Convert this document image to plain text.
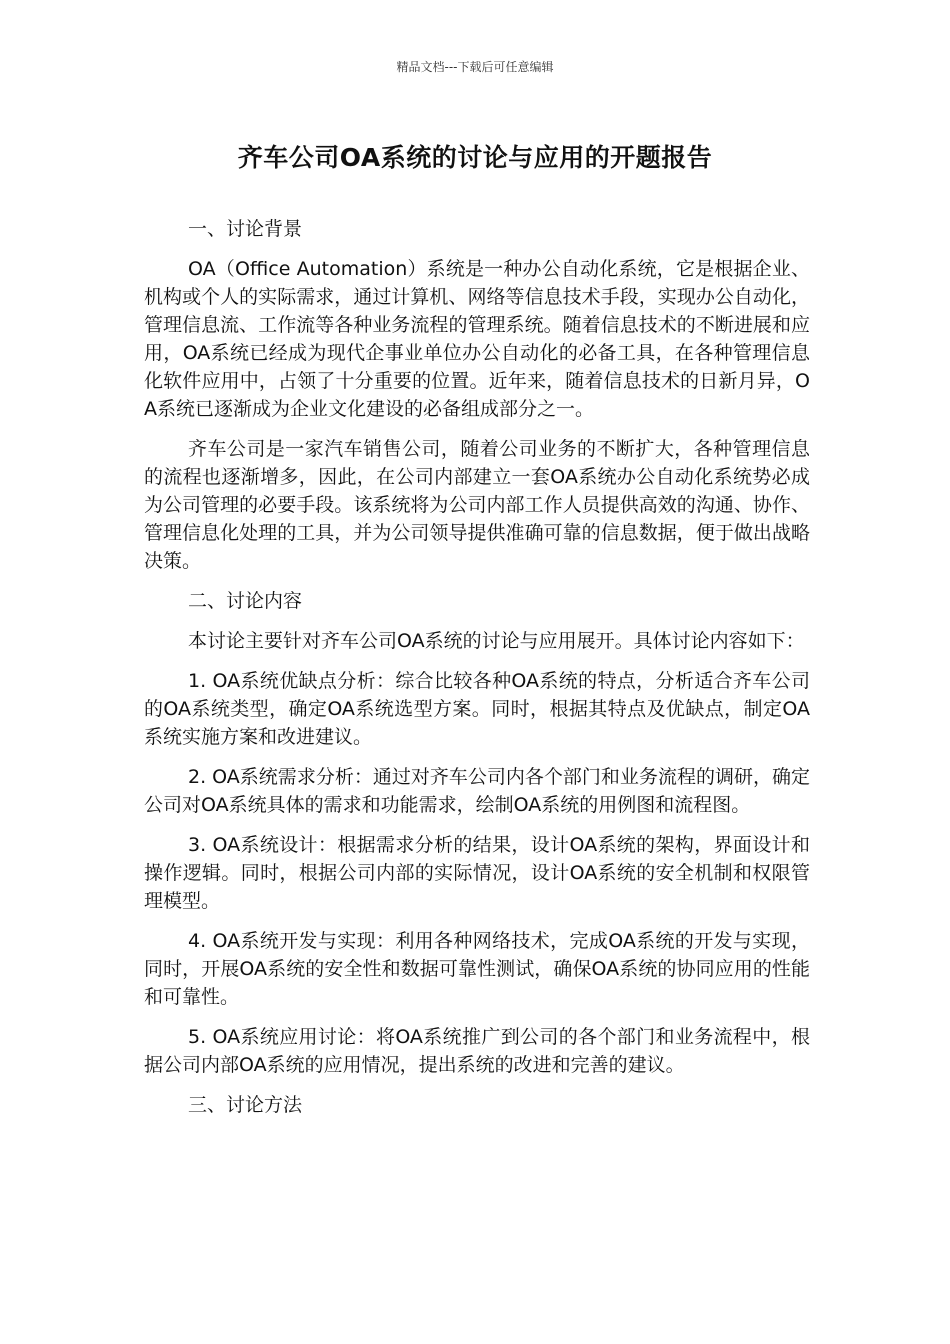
精品文档---下载后可任意编辑
齐车公司OA系统的讨论与应用的开题报告

一、讨论背景

OA（Office Automation）系统是一种办公自动化系统，它是根据企业、机构或个人的实际需求，通过计算机、网络等信息技术手段，实现办公自动化，管理信息流、工作流等各种业务流程的管理系统。随着信息技术的不断进展和应用，OA系统已经成为现代企事业单位办公自动化的必备工具，在各种管理信息化软件应用中，占领了十分重要的位置。近年来，随着信息技术的日新月异，OA系统已逐渐成为企业文化建设的必备组成部分之一。

齐车公司是一家汽车销售公司，随着公司业务的不断扩大，各种管理信息的流程也逐渐增多，因此，在公司内部建立一套OA系统办公自动化系统势必成为公司管理的必要手段。该系统将为公司内部工作人员提供高效的沟通、协作、管理信息化处理的工具，并为公司领导提供准确可靠的信息数据，便于做出战略决策。

二、讨论内容

本讨论主要针对齐车公司OA系统的讨论与应用展开。具体讨论内容如下：

1. OA系统优缺点分析：综合比较各种OA系统的特点，分析适合齐车公司的OA系统类型，确定OA系统选型方案。同时，根据其特点及优缺点，制定OA系统实施方案和改进建议。

2. OA系统需求分析：通过对齐车公司内各个部门和业务流程的调研，确定公司对OA系统具体的需求和功能需求，绘制OA系统的用例图和流程图。

3. OA系统设计：根据需求分析的结果，设计OA系统的架构，界面设计和操作逻辑。同时，根据公司内部的实际情况，设计OA系统的安全机制和权限管理模型。

4. OA系统开发与实现：利用各种网络技术，完成OA系统的开发与实现，同时，开展OA系统的安全性和数据可靠性测试，确保OA系统的协同应用的性能和可靠性。

5. OA系统应用讨论：将OA系统推广到公司的各个部门和业务流程中，根据公司内部OA系统的应用情况，提出系统的改进和完善的建议。

三、讨论方法
